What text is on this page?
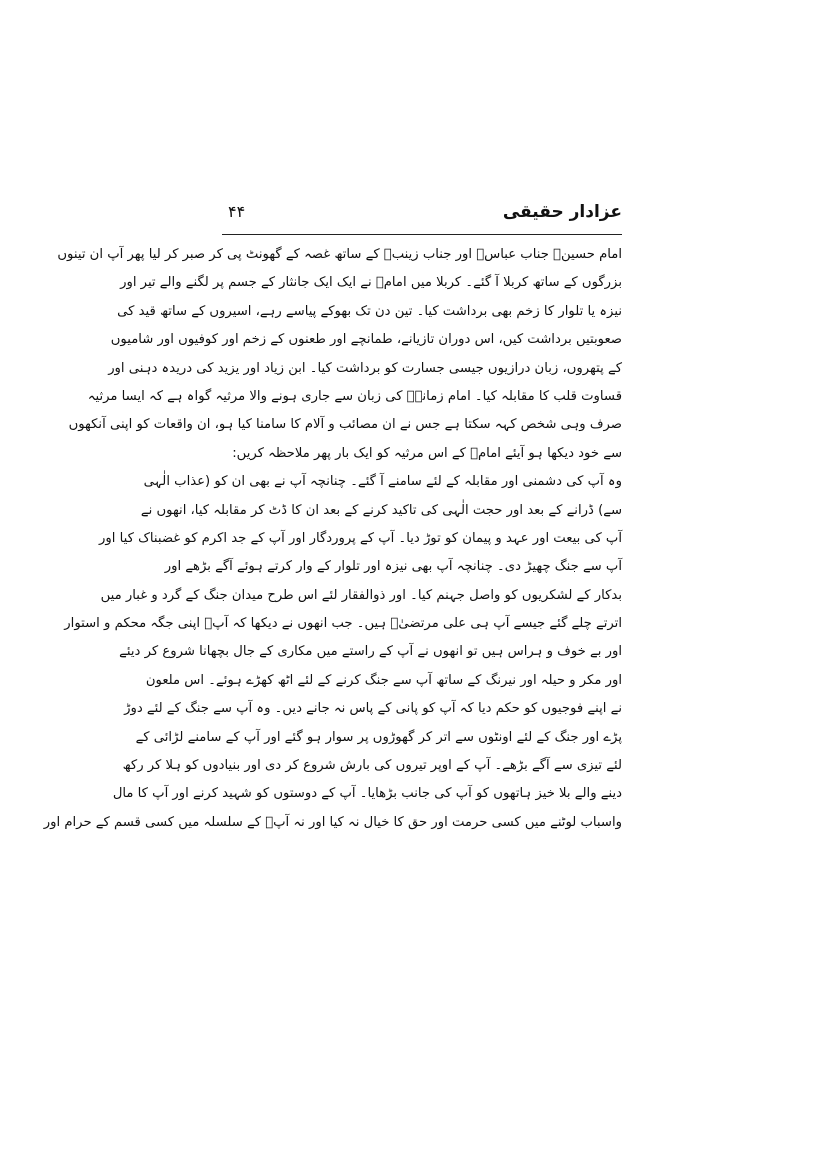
عزادار حقیقی
۴۴
امام حسینؑ جناب عباسؑ اور جناب زینبؑ کے ساتھ غصہ کے گھونٹ پی کر صبر کر لیا پھر آپ ان تینوں
بزرگوں کے ساتھ کربلا آ گئے۔ کربلا میں امامؑ نے ایک ایک جانثار کے جسم پر لگنے والے تیر اور
نیزہ یا تلوار کا زخم بھی برداشت کیا۔ تین دن تک بھوکے پیاسے رہے، اسیروں کے ساتھ قید کی
صعوبتیں برداشت کیں، اس دوران تازیانے، طمانچے اور طعنوں کے زخم اور کوفیوں اور شامیوں
کے پتھروں، زبان درازیوں جیسی جسارت کو برداشت کیا۔ ابن زیاد اور یزید کی دریدہ دہنی اور
قساوت قلب کا مقابلہ کیا۔ امام زمانہؑ کی زبان سے جاری ہونے والا مرثیہ گواہ ہے کہ ایسا مرثیہ
صرف وہی شخص کہہ سکتا ہے جس نے ان مصائب و آلام کا سامنا کیا ہو، ان واقعات کو اپنی آنکھوں
سے خود دیکھا ہو آیئے امامؑ کے اس مرثیہ کو ایک بار پھر ملاحظہ کریں:
وہ آپ کی دشمنی اور مقابلہ کے لئے سامنے آ گئے۔ چنانچہ آپ نے بھی ان کو (عذاب الٰہی
سے) ڈرانے کے بعد اور حجت الٰہی کی تاکید کرنے کے بعد ان کا ڈٹ کر مقابلہ کیا، انھوں نے
آپ کی بیعت اور عہد و پیمان کو توڑ دیا۔ آپ کے پروردگار اور آپ کے جد اکرم کو غضبناک کیا اور
آپ سے جنگ چھیڑ دی۔ چنانچہ آپ بھی نیزہ اور تلوار کے وار کرتے ہوئے آگے بڑھے اور
بدکار کے لشکریوں کو واصل جہنم کیا۔ اور ذوالفقار لئے اس طرح میدان جنگ کے گرد و غبار میں
اترتے چلے گئے جیسے آپ ہی علی مرتضیٰؑ ہیں۔ جب انھوں نے دیکھا کہ آپؑ اپنی جگہ محکم و استوار
اور بے خوف و ہراس ہیں تو انھوں نے آپ کے راستے میں مکاری کے جال بچھانا شروع کر دیئے
اور مکر و حیلہ اور نیرنگ کے ساتھ آپ سے جنگ کرنے کے لئے اٹھ کھڑے ہوئے۔ اس ملعون
نے اپنے فوجیوں کو حکم دیا کہ آپ کو پانی کے پاس نہ جانے دیں۔ وہ آپ سے جنگ کے لئے دوڑ
پڑے اور جنگ کے لئے اونٹوں سے اتر کر گھوڑوں پر سوار ہو گئے اور آپ کے سامنے لڑائی کے
لئے تیزی سے آگے بڑھے۔ آپ کے اوپر تیروں کی بارش شروع کر دی اور بنیادوں کو ہلا کر رکھ
دینے والے بلا خیز ہاتھوں کو آپ کی جانب بڑھایا۔ آپ کے دوستوں کو شہید کرنے اور آپ کا مال
واسباب لوٹنے میں کسی حرمت اور حق کا خیال نہ کیا اور نہ آپؑ کے سلسلہ میں کسی قسم کے حرام اور
